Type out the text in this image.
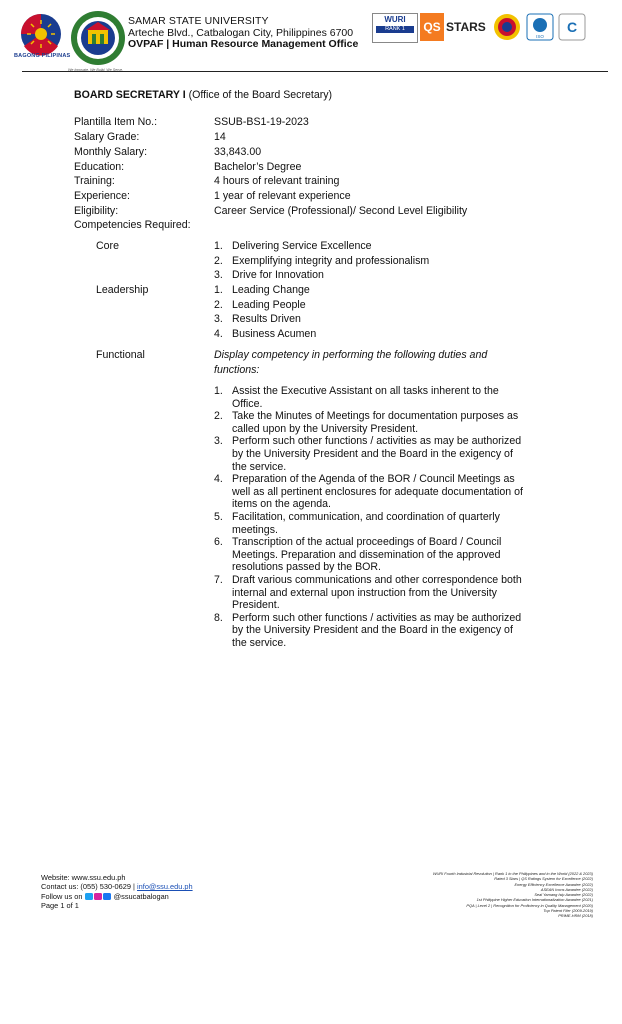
BAGONG PILIPINAS
We Innovate. We Build. We Serve.
SAMAR STATE UNIVERSITY
Arteche Blvd., Catbalogan City, Philippines 6700
OVPAF | Human Resource Management Office
WURI
RANK 1	QS STARS
ISO
C
BOARD SECRETARY I (Office of the Board Secretary)
Plantilla Item No.:	SSUB-BS1-19-2023
Salary Grade:	14
Monthly Salary:	33,843.00
Education:	Bachelor’s Degree
Training:	4 hours of relevant training
Experience:	1 year of relevant experience
Eligibility:	Career Service (Professional)/ Second Level Eligibility
Competencies Required:
Core	1. Delivering Service Excellence
2. Exemplifying integrity and professionalism
3. Drive for Innovation
Leadership	1. Leading Change
2. Leading People
3. Results Driven
4. Business Acumen
Functional	Display competency in performing the following duties and functions:
1. Assist the Executive Assistant on all tasks inherent to the Office.
2. Take the Minutes of Meetings for documentation purposes as called upon by the University President.
3. Perform such other functions / activities as may be authorized by the University President and the Board in the exigency of the service.
4. Preparation of the Agenda of the BOR / Council Meetings as well as all pertinent enclosures for adequate documentation of items on the agenda.
5. Facilitation, communication, and coordination of quarterly meetings.
6. Transcription of the actual proceedings of Board / Council Meetings. Preparation and dissemination of the approved resolutions passed by the BOR.
7. Draft various communications and other correspondence both internal and external upon instruction from the University President.
8. Perform such other functions / activities as may be authorized by the University President and the Board in the exigency of the service.
Website: www.ssu.edu.ph
Contact us: (055) 530-0629 | info@ssu.edu.ph
Follow us on	@ssucatbalogan
Page 1 of 1
WURI Fourth Industrial Revolution | Rank 1 in the Philippines and in the World (2022 & 2023)
Rated 3 Stars | QS Ratings System for Excellence (2022)
Energy Efficiency Excellence Awardee (2022)
ASEAN Icons Awardee (2022)
Seal Yamang Isip Awardee (2022)
1st Philippine Higher Education Internationalization Awardee (2021)
PQA | Level 2 | Recognition for Proficiency in Quality Management (2020)
Top Patent Filer (2009-2019)
PRIME-HRM (2018)
